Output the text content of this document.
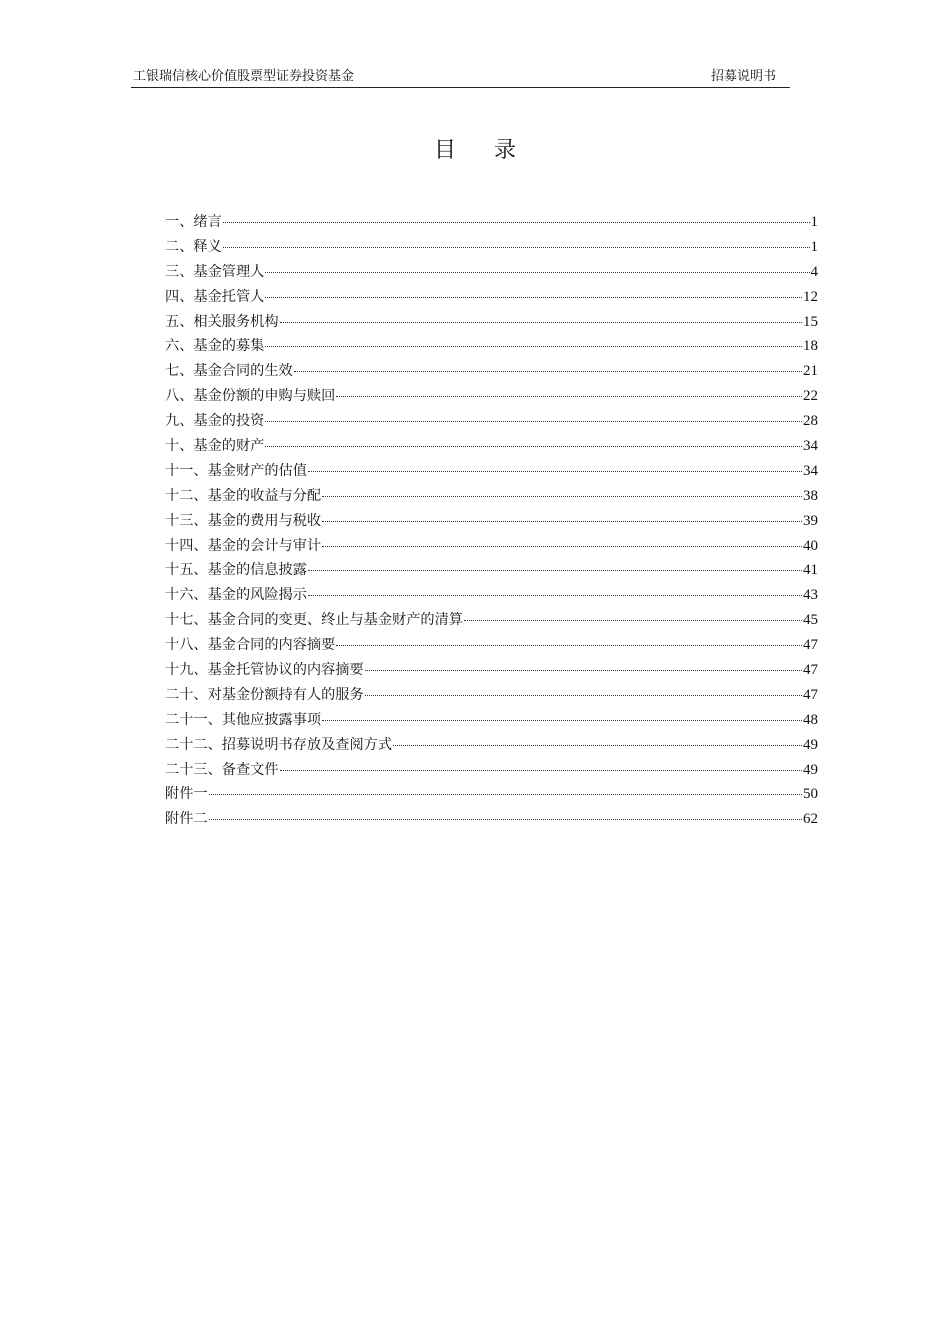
工银瑞信核心价值股票型证券投资基金	招募说明书
目录
一、绪言	1
二、释义	1
三、基金管理人	4
四、基金托管人	12
五、相关服务机构	15
六、基金的募集	18
七、基金合同的生效	21
八、基金份额的申购与赎回	22
九、基金的投资	28
十、基金的财产	34
十一、基金财产的估值	34
十二、基金的收益与分配	38
十三、基金的费用与税收	39
十四、基金的会计与审计	40
十五、基金的信息披露	41
十六、基金的风险揭示	43
十七、基金合同的变更、终止与基金财产的清算	45
十八、基金合同的内容摘要	47
十九、基金托管协议的内容摘要	47
二十、对基金份额持有人的服务	47
二十一、其他应披露事项	48
二十二、招募说明书存放及查阅方式	49
二十三、备查文件	49
附件一	50
附件二	62
